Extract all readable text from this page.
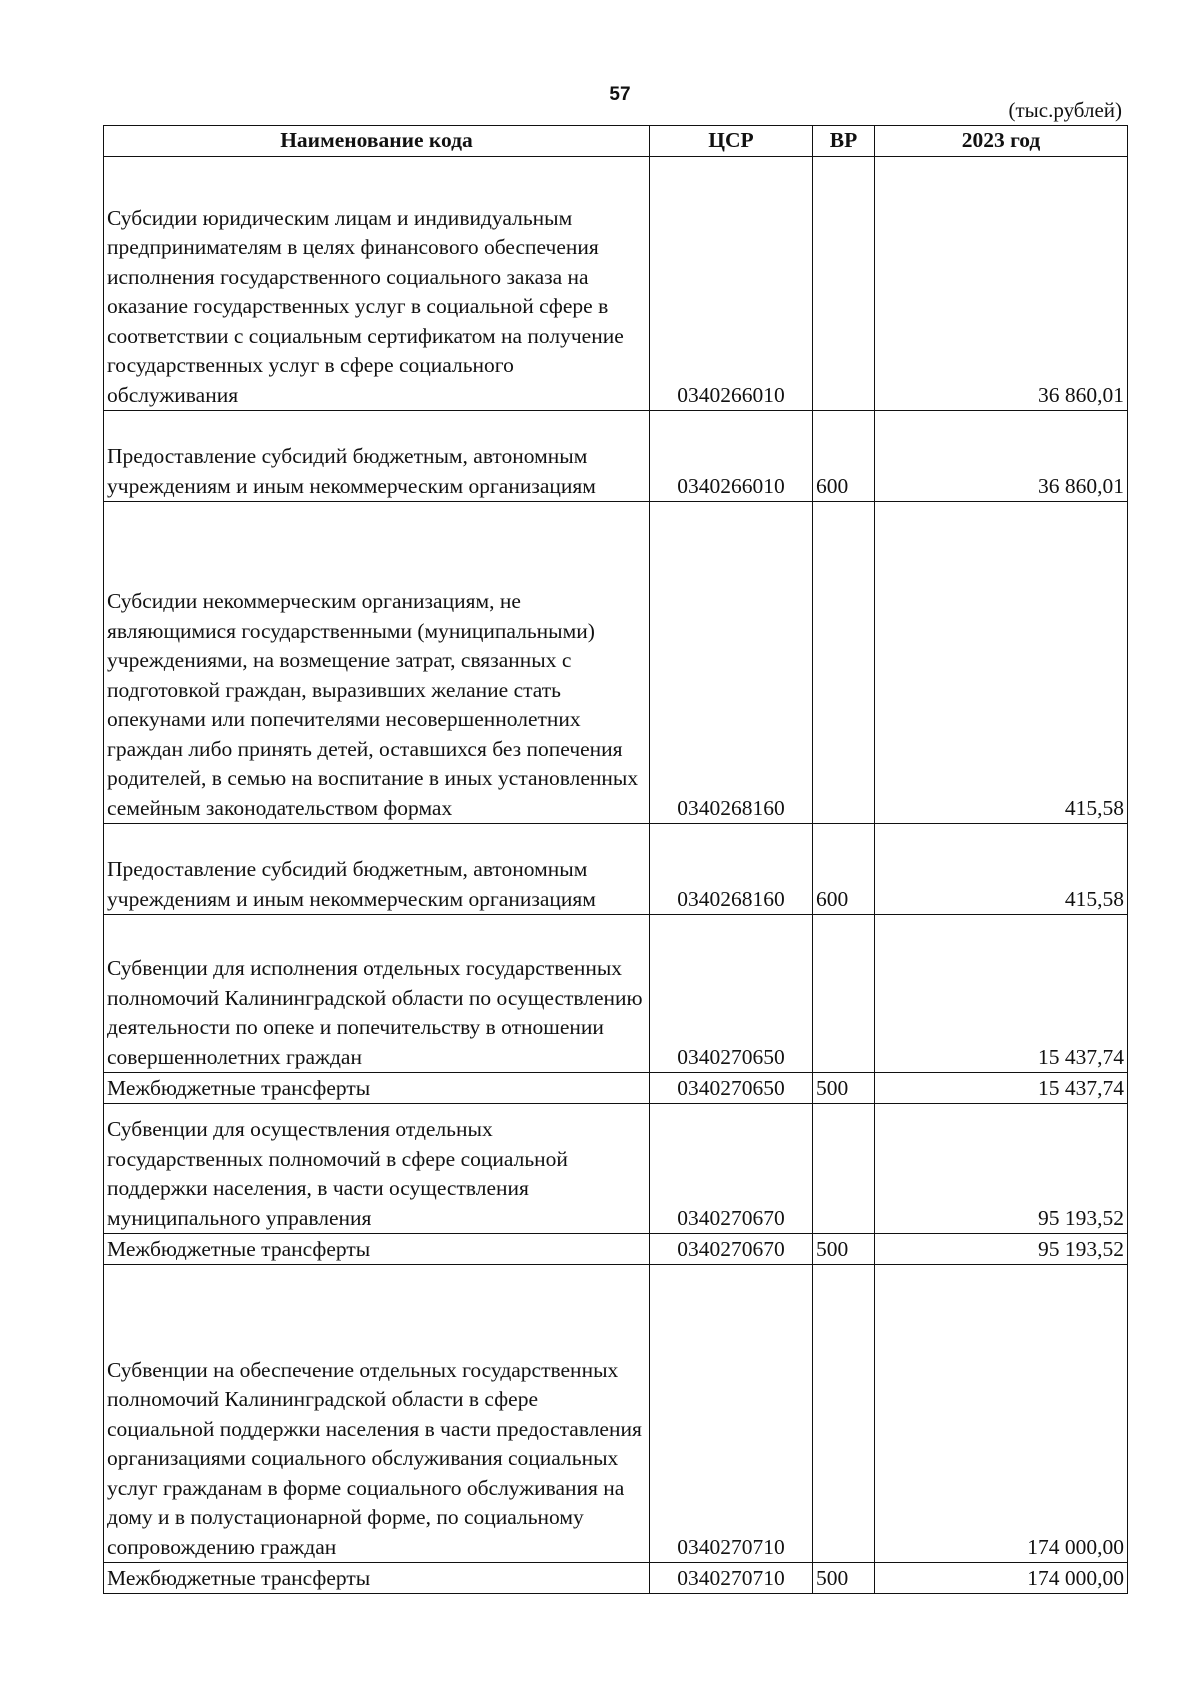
57
(тыс.рублей)
Наименование кода	ЦСР	ВР	2023 год
Субсидии юридическим лицам и индивидуальным предпринимателям в целях финансового обеспечения исполнения государственного социального заказа на оказание государственных услуг в социальной сфере в соответствии с социальным сертификатом на получение государственных услуг в сфере социального обслуживания	0340266010		36 860,01
Предоставление субсидий бюджетным, автономным учреждениям и иным некоммерческим организациям	0340266010	600	36 860,01
Субсидии некоммерческим организациям, не являющимися государственными (муниципальными) учреждениями, на возмещение затрат, связанных с подготовкой граждан, выразивших желание стать опекунами или попечителями несовершеннолетних граждан либо принять детей, оставшихся без попечения родителей, в семью на воспитание в иных установленных семейным законодательством формах	0340268160		415,58
Предоставление субсидий бюджетным, автономным учреждениям и иным некоммерческим организациям	0340268160	600	415,58
Субвенции для исполнения отдельных государственных полномочий Калининградской области по осуществлению деятельности по опеке и попечительству в отношении совершеннолетних граждан	0340270650		15 437,74
Межбюджетные трансферты	0340270650	500	15 437,74
Субвенции для осуществления отдельных государственных полномочий в сфере социальной поддержки населения, в части осуществления муниципального управления	0340270670		95 193,52
Межбюджетные трансферты	0340270670	500	95 193,52
Субвенции на обеспечение отдельных государственных полномочий Калининградской области в сфере социальной поддержки населения в части предоставления организациями социального обслуживания социальных услуг гражданам в форме социального обслуживания на дому и в полустационарной форме, по социальному сопровождению граждан	0340270710		174 000,00
Межбюджетные трансферты	0340270710	500	174 000,00
